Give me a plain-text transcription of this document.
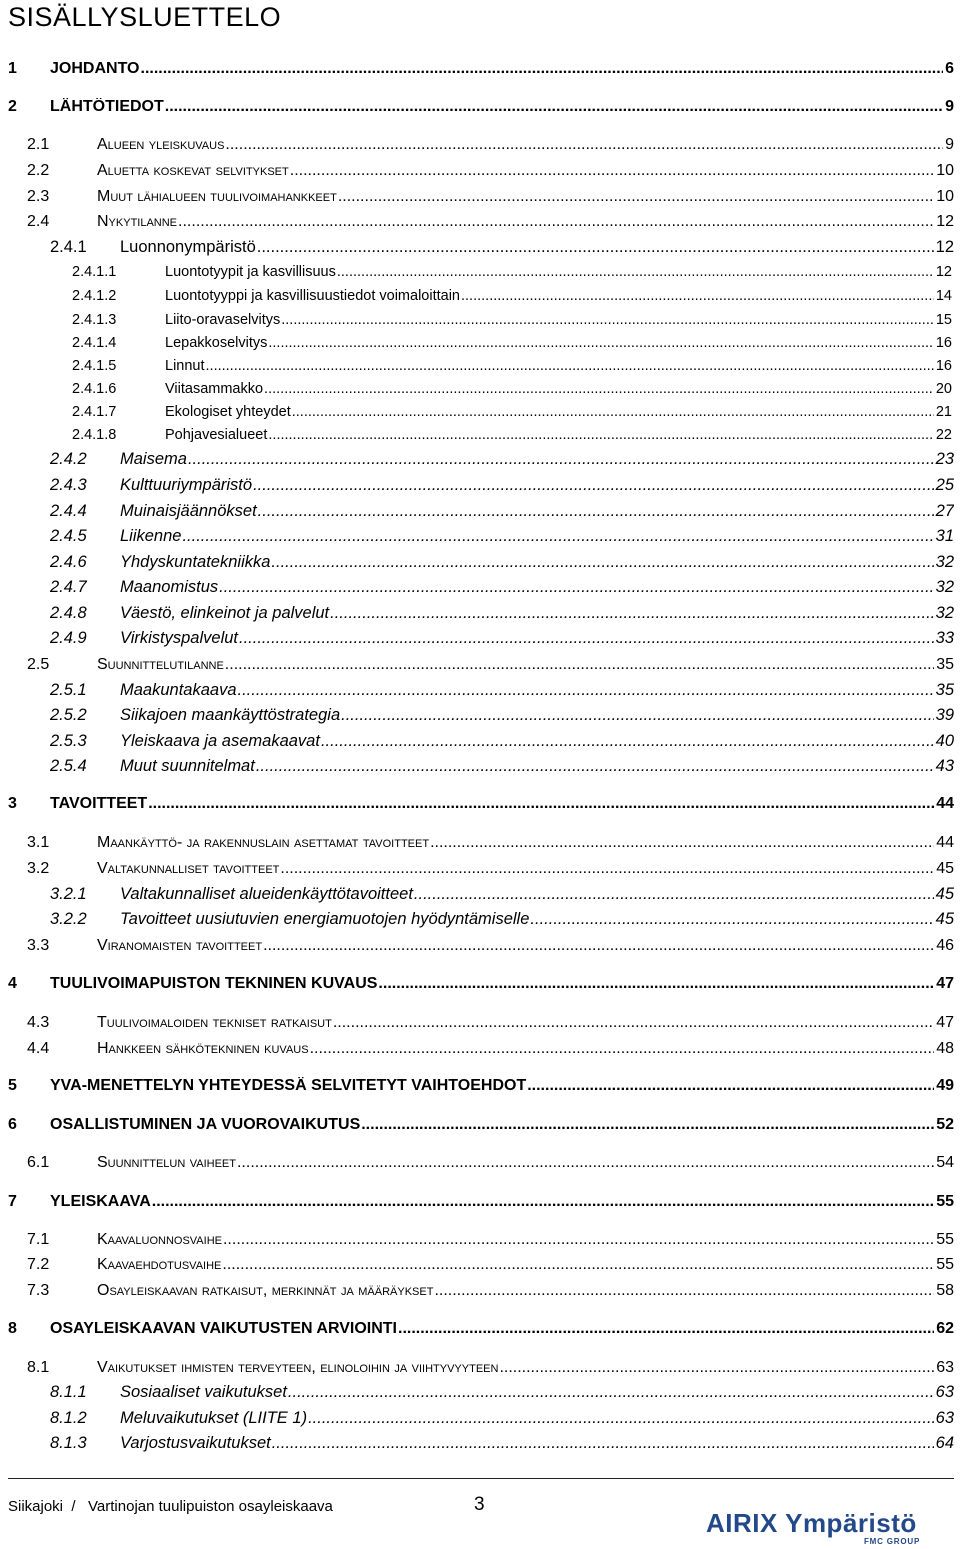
SISÄLLYSLUETTELO
1	JOHDANTO .....	6
2	LÄHTÖTIEDOT .....	9
2.1	Alueen yleiskuvaus .....	9
2.2	Aluetta koskevat selvitykset .....	10
2.3	Muut lähialueen tuulivoimahankkeet .....	10
2.4	Nykytilanne .....	12
2.4.1	Luonnonympäristö .....	12
2.4.1.1	Luontotyypit ja kasvillisuus .....	12
2.4.1.2	Luontotyyppi ja kasvillisuustiedot voimaloittain .....	14
2.4.1.3	Liito-oravaselvitys .....	15
2.4.1.4	Lepakkoselvitys .....	16
2.4.1.5	Linnut .....	16
2.4.1.6	Viitasammakko .....	20
2.4.1.7	Ekologiset yhteydet .....	21
2.4.1.8	Pohjavesialueet .....	22
2.4.2	Maisema .....	23
2.4.3	Kulttuuriympäristö .....	25
2.4.4	Muinaisjäännökset .....	27
2.4.5	Liikenne .....	31
2.4.6	Yhdyskuntatekniikka .....	32
2.4.7	Maanomistus .....	32
2.4.8	Väestö, elinkeinot ja palvelut .....	32
2.4.9	Virkistyspalvelut .....	33
2.5	Suunnittelutilanne .....	35
2.5.1	Maakuntakaava .....	35
2.5.2	Siikajoen maankäyttöstrategia .....	39
2.5.3	Yleiskaava ja asemakaavat .....	40
2.5.4	Muut suunnitelmat .....	43
3	TAVOITTEET .....	44
3.1	Maankäyttö- ja rakennuslain asettamat tavoitteet .....	44
3.2	Valtakunnalliset tavoitteet .....	45
3.2.1	Valtakunnalliset alueidenkäyttötavoitteet .....	45
3.2.2	Tavoitteet uusiutuvien energiamuotojen hyödyntämiselle .....	45
3.3	Viranomaisten tavoitteet .....	46
4	TUULIVOIMAPUISTON TEKNINEN KUVAUS .....	47
4.3	Tuulivoimaloiden tekniset ratkaisut .....	47
4.4	Hankkeen sähkötekninen kuvaus .....	48
5	YVA-MENETTELYN YHTEYDESSÄ SELVITETYT VAIHTOEHDOT .....	49
6	OSALLISTUMINEN JA VUOROVAIKUTUS .....	52
6.1	Suunnittelun vaiheet .....	54
7	YLEISKAAVA .....	55
7.1	Kaavaluonnosvaihe .....	55
7.2	Kaavaehdotusvaihe .....	55
7.3	Osayleiskaavan ratkaisut, merkinnät ja määräykset .....	58
8	OSAYLEISKAAVAN VAIKUTUSTEN ARVIOINTI .....	62
8.1	Vaikutukset ihmisten terveyteen, elinoloihin ja viihtyvyyteen .....	63
8.1.1	Sosiaaliset vaikutukset .....	63
8.1.2	Meluvaikutukset (LIITE 1) .....	63
8.1.3	Varjostusvaikutukset .....	64
Siikajoki  /   Vartinojan tuulipuiston osayleiskaava	3
AIRIX Ympäristö
FMC GROUP
